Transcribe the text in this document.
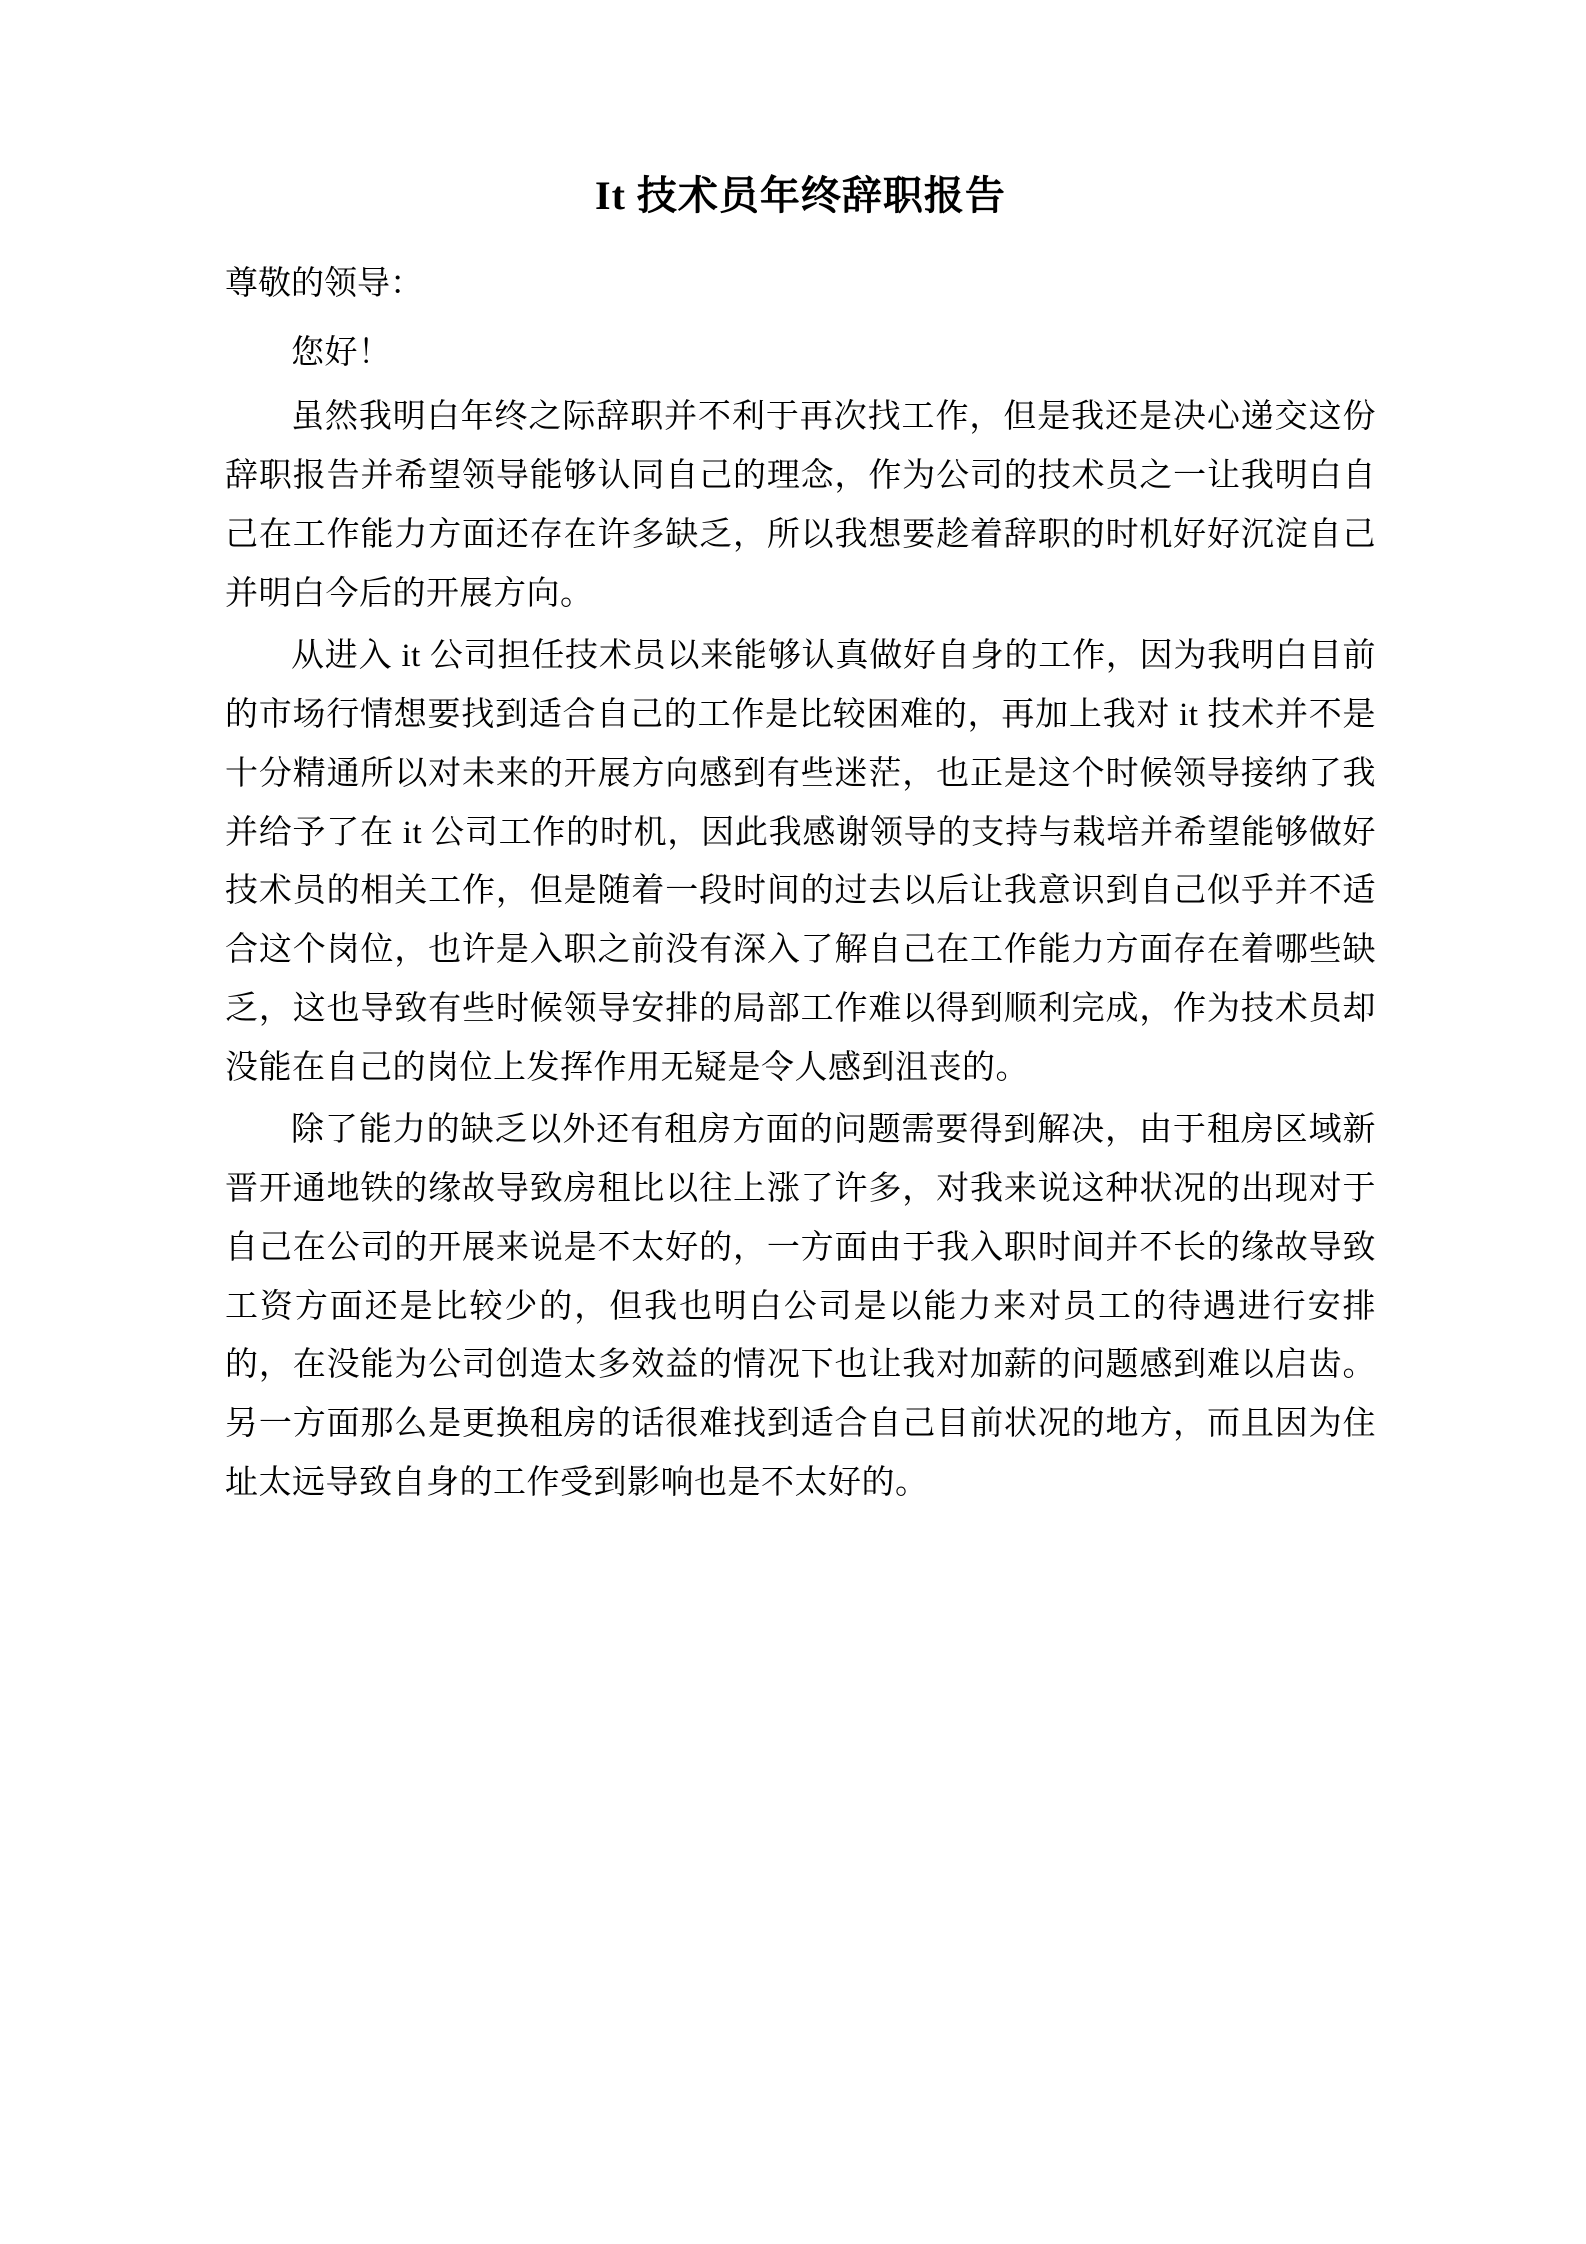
It 技术员年终辞职报告

尊敬的领导：

您好！

虽然我明白年终之际辞职并不利于再次找工作，但是我还是决心递交这份辞职报告并希望领导能够认同自己的理念，作为公司的技术员之一让我明白自己在工作能力方面还存在许多缺乏，所以我想要趁着辞职的时机好好沉淀自己并明白今后的开展方向。

从进入 it 公司担任技术员以来能够认真做好自身的工作，因为我明白目前的市场行情想要找到适合自己的工作是比较困难的，再加上我对 it 技术并不是十分精通所以对未来的开展方向感到有些迷茫，也正是这个时候领导接纳了我并给予了在 it 公司工作的时机，因此我感谢领导的支持与栽培并希望能够做好技术员的相关工作，但是随着一段时间的过去以后让我意识到自己似乎并不适合这个岗位，也许是入职之前没有深入了解自己在工作能力方面存在着哪些缺乏，这也导致有些时候领导安排的局部工作难以得到顺利完成，作为技术员却没能在自己的岗位上发挥作用无疑是令人感到沮丧的。

除了能力的缺乏以外还有租房方面的问题需要得到解决，由于租房区域新晋开通地铁的缘故导致房租比以往上涨了许多，对我来说这种状况的出现对于自己在公司的开展来说是不太好的，一方面由于我入职时间并不长的缘故导致工资方面还是比较少的，但我也明白公司是以能力来对员工的待遇进行安排的，在没能为公司创造太多效益的情况下也让我对加薪的问题感到难以启齿。另一方面那么是更换租房的话很难找到适合自己目前状况的地方，而且因为住址太远导致自身的工作受到影响也是不太好的。
